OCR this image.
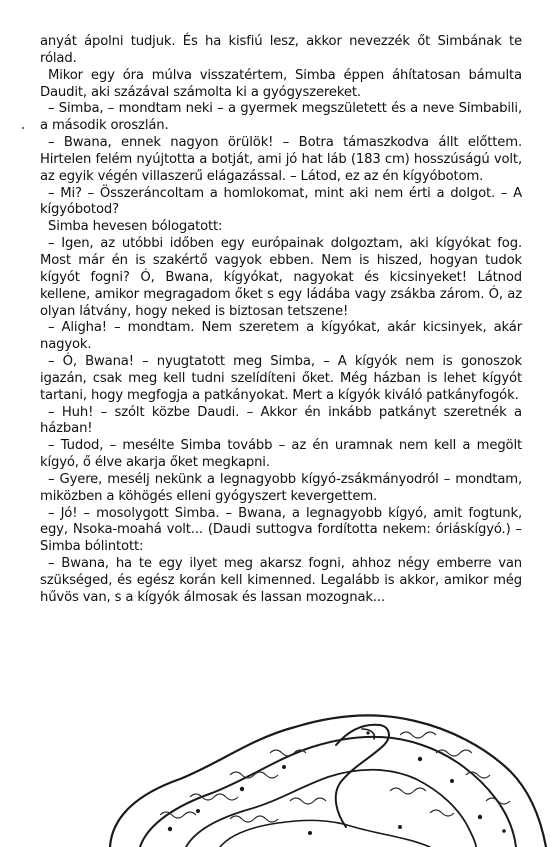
anyát ápolni tudjuk. És ha kisfiú lesz, akkor nevezzék őt Simbának te rólad.

Mikor egy óra múlva visszatértem, Simba éppen áhítatosan bámulta Daudit, aki százával számolta ki a gyógyszereket.

– Simba, – mondtam neki – a gyermek megszületett és a neve Simbabili, a második oroszlán.

– Bwana, ennek nagyon örülök! – Botra támaszkodva állt előttem. Hirtelen felém nyújtotta a botját, ami jó hat láb (183 cm) hosszúságú volt, az egyik végén villaszerű elágazással. – Látod, ez az én kígyóbotom.

– Mi? – Összeráncoltam a homlokomat, mint aki nem érti a dolgot. – A kígyóbotod?

Simba hevesen bólogatott:

– Igen, az utóbbi időben egy európainak dolgoztam, aki kígyókat fog. Most már én is szakértő vagyok ebben. Nem is hiszed, hogyan tudok kígyót fogni? Ó, Bwana, kígyókat, nagyokat és kicsinyeket! Látnod kellene, amikor megragadom őket s egy ládába vagy zsákba zárom. Ó, az olyan látvány, hogy neked is biztosan tetszene!

– Aligha! – mondtam. Nem szeretem a kígyókat, akár kicsinyek, akár nagyok.

– Ó, Bwana! – nyugtatott meg Simba, – A kígyók nem is gonoszok igazán, csak meg kell tudni szelídíteni őket. Még házban is lehet kígyót tartani, hogy megfogja a patkányokat. Mert a kígyók kiváló patkányfogók.

– Huh! – szólt közbe Daudi. – Akkor én inkább patkányt szeretnék a házban!

– Tudod, – mesélte Simba tovább – az én uramnak nem kell a megölt kígyó, ő élve akarja őket megkapni.

– Gyere, mesélj nekünk a legnagyobb kígyó-zsákmányodról – mondtam, miközben a köhögés elleni gyógyszert kevergettem.

– Jó! – mosolygott Simba. – Bwana, a legnagyobb kígyó, amit fogtunk, egy, Nsoka-moahá volt... (Daudi suttogva fordította nekem: óriáskígyó.) – Simba bólintott:

– Bwana, ha te egy ilyet meg akarsz fogni, ahhoz négy emberre van szükséged, és egész korán kell kimenned. Legalább is akkor, amikor még hűvös van, s a kígyók álmosak és lassan mozognak...
